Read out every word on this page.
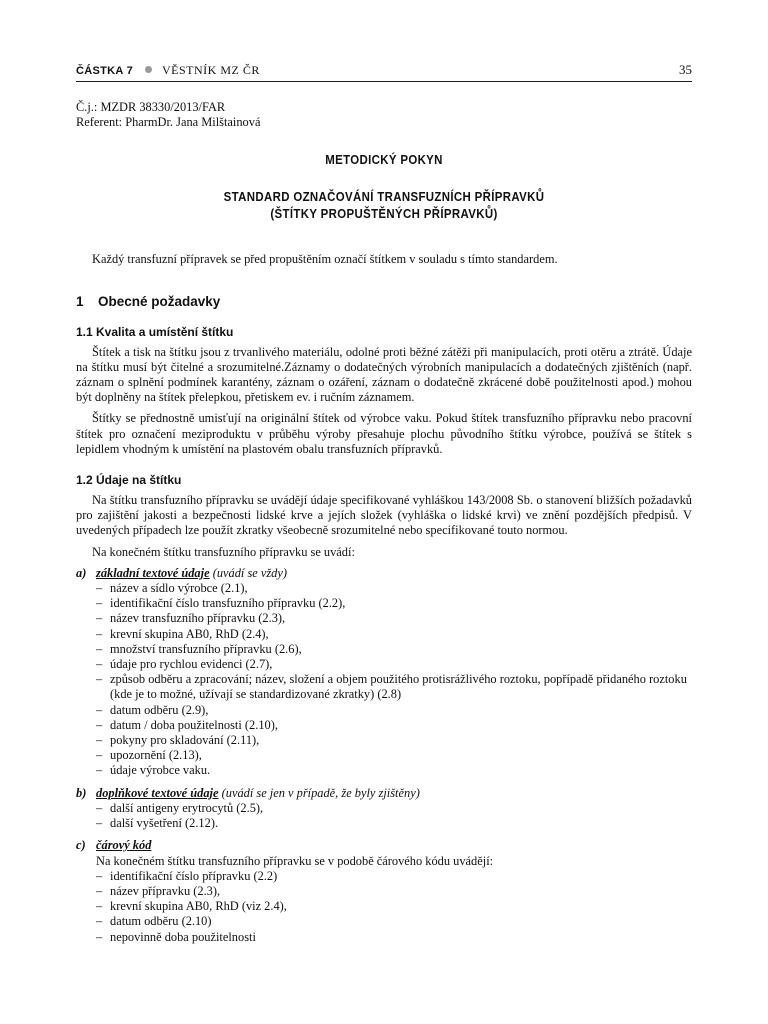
ČÁSTKA 7 VĚSTNÍK MZ ČR	35
Č.j.: MZDR 38330/2013/FAR
Referent: PharmDr. Jana Milštainová
METODICKÝ POKYN
STANDARD OZNAČOVÁNÍ TRANSFUZNÍCH PŘÍPRAVKŮ
(ŠTÍTKY PROPUŠTĚNÝCH PŘÍPRAVKŮ)
Každý transfuzní přípravek se před propuštěním označí štítkem v souladu s tímto standardem.
1 Obecné požadavky
1.1 Kvalita a umístění štítku

Štítek a tisk na štítku jsou z trvanlivého materiálu, odolné proti běžné zátěži při manipulacích, proti otěru a ztrátě. Údaje na štítku musí být čitelné a srozumitelné.Záznamy o dodatečných výrobních manipulacích a dodatečných zjištěních (např. záznam o splnění podmínek karantény, záznam o ozáření, záznam o dodatečně zkrácené době použitelnosti apod.) mohou být doplněny na štítek přelepkou, přetiskem ev. i ručním záznamem.

Štítky se přednostně umisťují na originální štítek od výrobce vaku. Pokud štítek transfuzního přípravku nebo pracovní štítek pro označení meziproduktu v průběhu výroby přesahuje plochu původního štítku výrobce, používá se štítek s lepidlem vhodným k umístění na plastovém obalu transfuzních přípravků.

1.2 Údaje na štítku

Na štítku transfuzního přípravku se uvádějí údaje specifikované vyhláškou 143/2008 Sb. o stanovení bližších požadavků pro zajištění jakosti a bezpečnosti lidské krve a jejích složek (vyhláška o lidské krvi) ve znění pozdějších předpisů. V uvedených případech lze použít zkratky všeobecně srozumitelné nebo specifikované touto normou.

Na konečném štítku transfuzního přípravku se uvádí:

a) základní textové údaje (uvádí se vždy)
– název a sídlo výrobce (2.1),
– identifikační číslo transfuzního přípravku (2.2),
– název transfuzního přípravku (2.3),
– krevní skupina AB0, RhD (2.4),
– množství transfuzního přípravku (2.6),
– údaje pro rychlou evidenci (2.7),
– způsob odběru a zpracování; název, složení a objem použitého protisrážlivého roztoku, popřípadě přidaného roztoku (kde je to možné, užívají se standardizované zkratky) (2.8)
– datum odběru (2.9),
– datum / doba použitelnosti (2.10),
– pokyny pro skladování (2.11),
– upozornění (2.13),
– údaje výrobce vaku.
b) doplňkové textové údaje (uvádí se jen v případě, že byly zjištěny)
– další antigeny erytrocytů (2.5),
– další vyšetření (2.12).
c) čárový kód
Na konečném štítku transfuzního přípravku se v podobě čárového kódu uvádějí:
– identifikační číslo přípravku (2.2)
– název přípravku (2.3),
– krevní skupina AB0, RhD (viz 2.4),
– datum odběru (2.10)
– nepovinně doba použitelnosti
